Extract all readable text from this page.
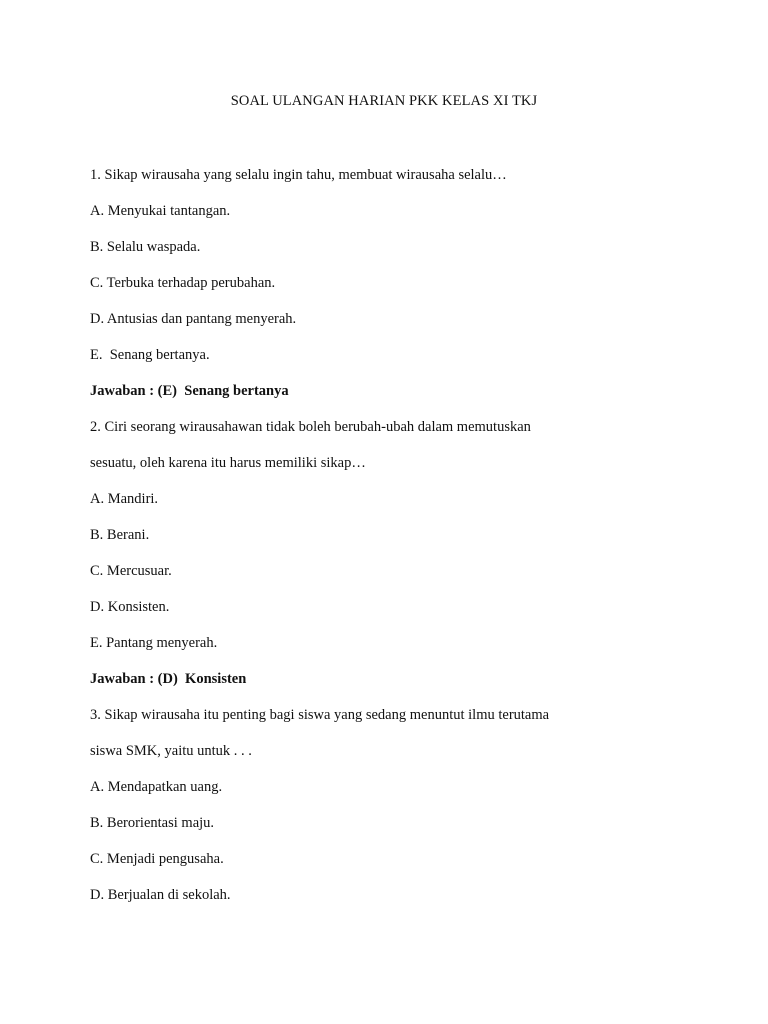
SOAL ULANGAN HARIAN PKK KELAS XI TKJ
1. Sikap wirausaha yang selalu ingin tahu, membuat wirausaha selalu…
A. Menyukai tantangan.
B. Selalu waspada.
C. Terbuka terhadap perubahan.
D. Antusias dan pantang menyerah.
E.  Senang bertanya.
Jawaban : (E)  Senang bertanya
2. Ciri seorang wirausahawan tidak boleh berubah-ubah dalam memutuskan
sesuatu, oleh karena itu harus memiliki sikap…
A. Mandiri.
B. Berani.
C. Mercusuar.
D. Konsisten.
E. Pantang menyerah.
Jawaban : (D)  Konsisten
3. Sikap wirausaha itu penting bagi siswa yang sedang menuntut ilmu terutama
siswa SMK, yaitu untuk . . .
A. Mendapatkan uang.
B. Berorientasi maju.
C. Menjadi pengusaha.
D. Berjualan di sekolah.
